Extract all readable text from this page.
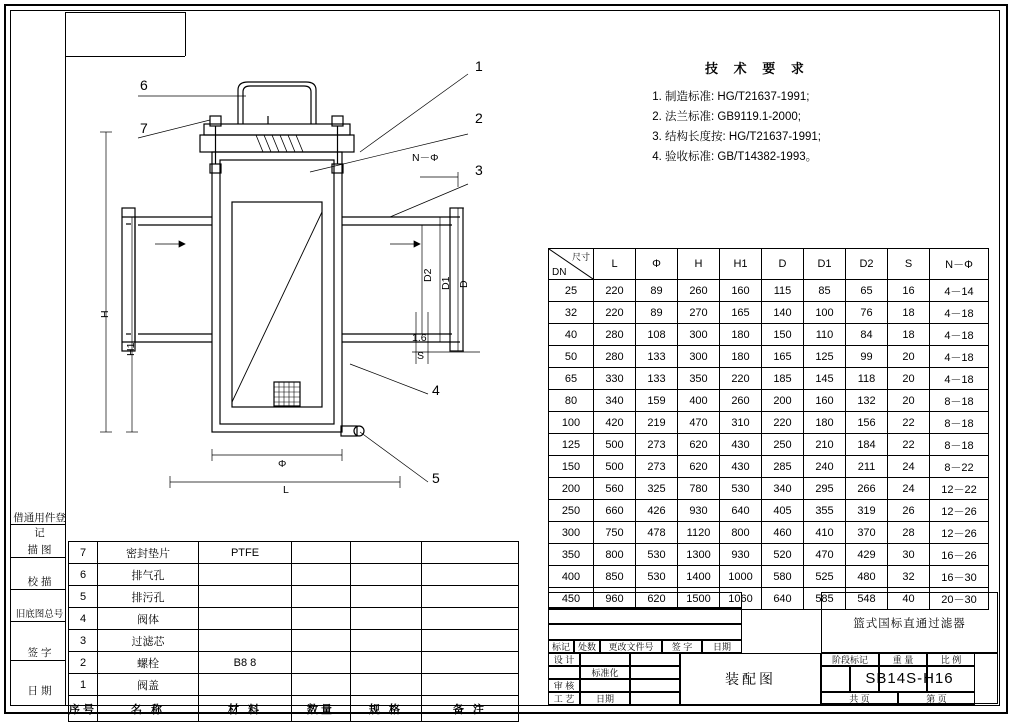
技 术 要 求
1. 制造标准: HG/T21637-1991;
2. 法兰标准: GB9119.1-2000;
3. 结构长度按: HG/T21637-1991;
4. 验收标准: GB/T14382-1993。
尺寸
DN	L	Φ	H	H1	D	D1	D2	S	N－Φ
25	220	89	260	160	115	85	65	16	4－14
32	220	89	270	165	140	100	76	18	4－18
40	280	108	300	180	150	110	84	18	4－18
50	280	133	300	180	165	125	99	20	4－18
65	330	133	350	220	185	145	118	20	4－18
80	340	159	400	260	200	160	132	20	8－18
100	420	219	470	310	220	180	156	22	8－18
125	500	273	620	430	250	210	184	22	8－18
150	500	273	620	430	285	240	211	24	8－22
200	560	325	780	530	340	295	266	24	12－22
250	660	426	930	640	405	355	319	26	12－26
300	750	478	1120	800	460	410	370	28	12－26
350	800	530	1300	930	520	470	429	30	16－26
400	850	530	1400	1000	580	525	480	32	16－30
450	960	620	1500	1060	640	585	548	40	20－30
7	密封垫片	PTFE			
6	排气孔				
5	排污孔				
4	阀体				
3	过滤芯				
2	螺栓	B8 8			
1	阀盖				
序号	名 称	材 料	数量	规 格	备 注
借通用件登记
描 图
校 描
旧底图总号
签 字
日 期
标记 处数	更改文件号	签 字	日期
设 计
标准化
审 核
工 艺	日期
装配图
阶段标记	重 量	比 例
共 页	第 页
篮式国标直通过滤器
SB14S-H16
1
2
3
4
5
6
7
N－Φ
1.6
S
D2
D1 D
H
H1
Φ
L
